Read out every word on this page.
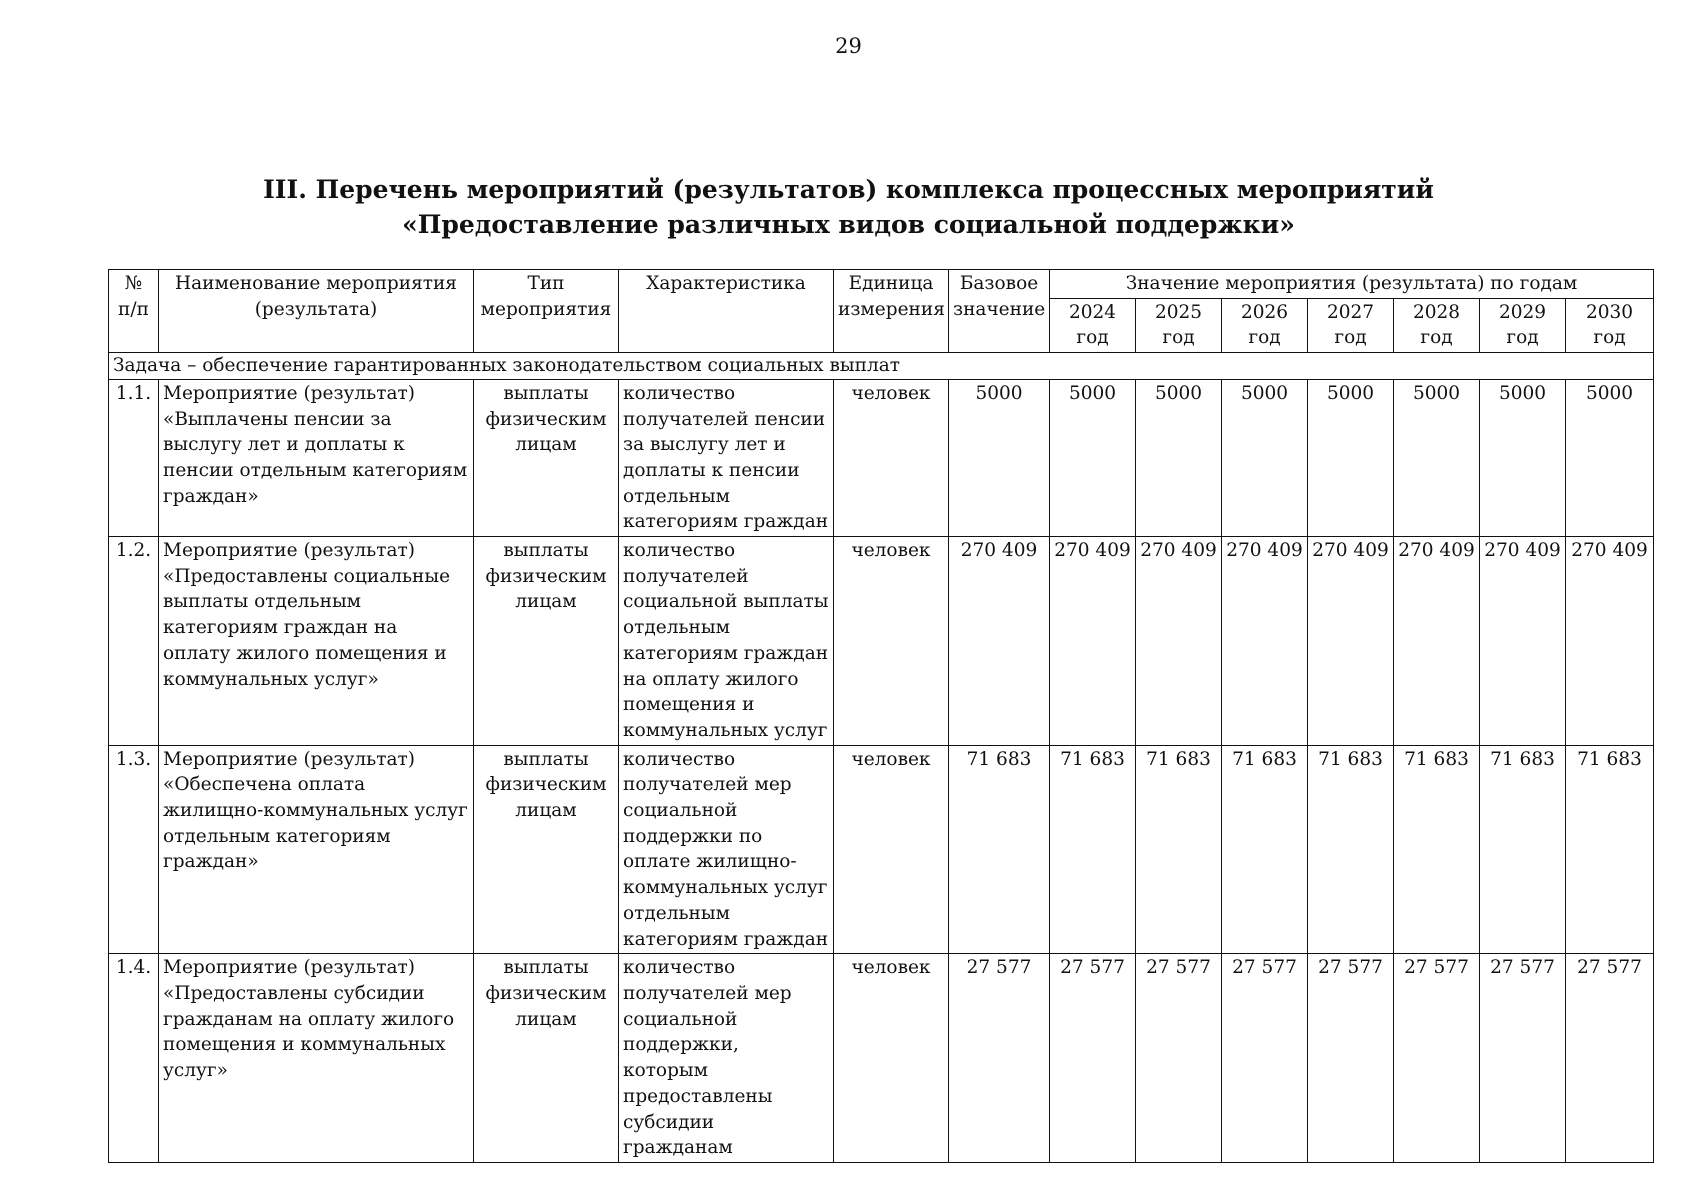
29
III. Перечень мероприятий (результатов) комплекса процессных мероприятий
«Предоставление различных видов социальной поддержки»
№ п/п	Наименование мероприятия (результата)	Тип мероприятия	Характеристика	Единица измерения	Базовое значение	Значение мероприятия (результата) по годам						
						2024 год	2025 год	2026 год	2027 год	2028 год	2029 год	2030 год
Задача – обеспечение гарантированных законодательством социальных выплат												
1.1.	Мероприятие (результат) «Выплачены пенсии за выслугу лет и доплаты к пенсии отдельным категориям граждан»	выплаты физическим лицам	количество получателей пенсии за выслугу лет и доплаты к пенсии отдельным категориям граждан	человек	5000	5000	5000	5000	5000	5000	5000	5000
1.2.	Мероприятие (результат) «Предоставлены социальные выплаты отдельным категориям граждан на оплату жилого помещения и коммунальных услуг»	выплаты физическим лицам	количество получателей социальной выплаты отдельным категориям граждан на оплату жилого помещения и коммунальных услуг	человек	270 409	270 409	270 409	270 409	270 409	270 409	270 409	270 409
1.3.	Мероприятие (результат) «Обеспечена оплата жилищно-коммунальных услуг отдельным категориям граждан»	выплаты физическим лицам	количество получателей мер социальной поддержки по оплате жилищно-коммунальных услуг отдельным категориям граждан	человек	71 683	71 683	71 683	71 683	71 683	71 683	71 683	71 683
1.4.	Мероприятие (результат) «Предоставлены субсидии гражданам на оплату жилого помещения и коммунальных услуг»	выплаты физическим лицам	количество получателей мер социальной поддержки, которым предоставлены субсидии гражданам	человек	27 577	27 577	27 577	27 577	27 577	27 577	27 577	27 577
